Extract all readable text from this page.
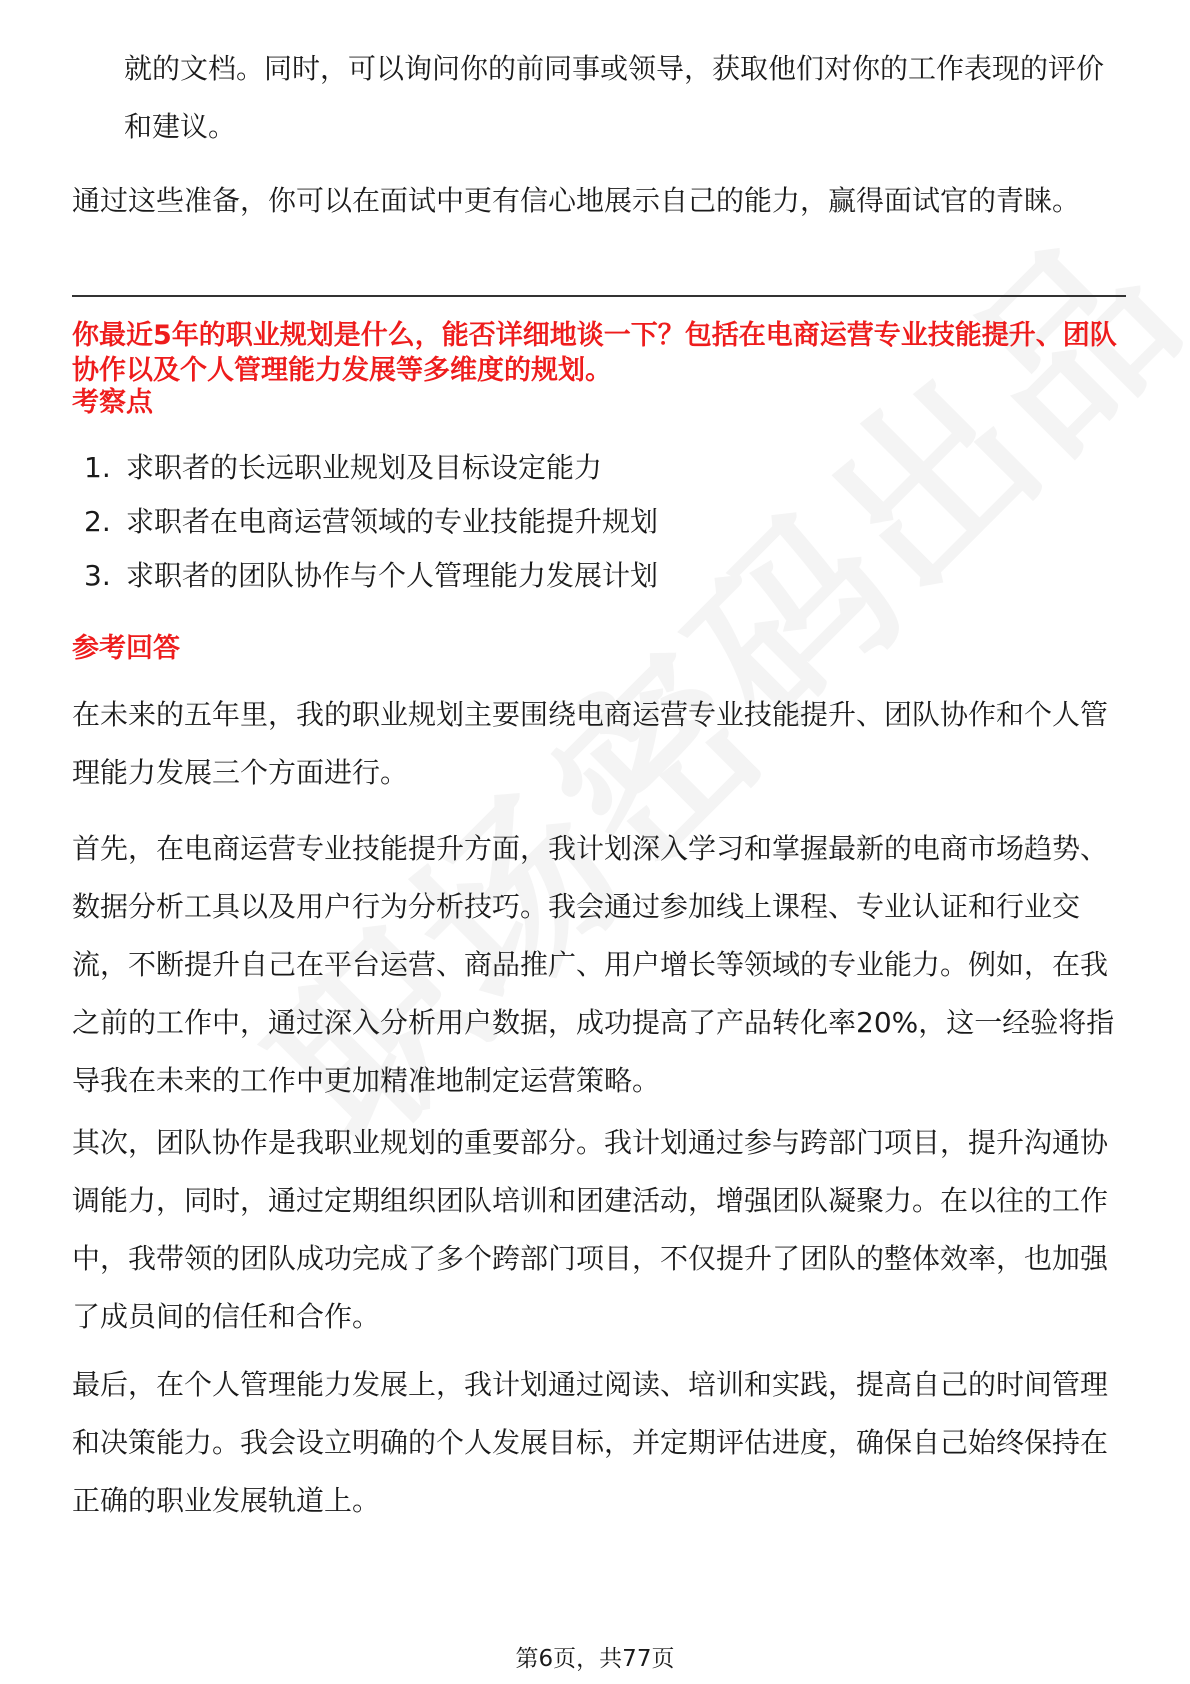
就的文档。同时，可以询问你的前同事或领导，获取他们对你的工作表现的评价和建议。

通过这些准备，你可以在面试中更有信心地展示自己的能力，赢得面试官的青睐。

你最近5年的职业规划是什么，能否详细地谈一下？包括在电商运营专业技能提升、团队协作以及个人管理能力发展等多维度的规划。

考察点

1. 求职者的长远职业规划及目标设定能力
2. 求职者在电商运营领域的专业技能提升规划
3. 求职者的团队协作与个人管理能力发展计划

参考回答

在未来的五年里，我的职业规划主要围绕电商运营专业技能提升、团队协作和个人管理能力发展三个方面进行。

首先，在电商运营专业技能提升方面，我计划深入学习和掌握最新的电商市场趋势、数据分析工具以及用户行为分析技巧。我会通过参加线上课程、专业认证和行业交流，不断提升自己在平台运营、商品推广、用户增长等领域的专业能力。例如，在我之前的工作中，通过深入分析用户数据，成功提高了产品转化率20%，这一经验将指导我在未来的工作中更加精准地制定运营策略。

其次，团队协作是我职业规划的重要部分。我计划通过参与跨部门项目，提升沟通协调能力，同时，通过定期组织团队培训和团建活动，增强团队凝聚力。在以往的工作中，我带领的团队成功完成了多个跨部门项目，不仅提升了团队的整体效率，也加强了成员间的信任和合作。

最后，在个人管理能力发展上，我计划通过阅读、培训和实践，提高自己的时间管理和决策能力。我会设立明确的个人发展目标，并定期评估进度，确保自己始终保持在正确的职业发展轨道上。

第6页，共77页
